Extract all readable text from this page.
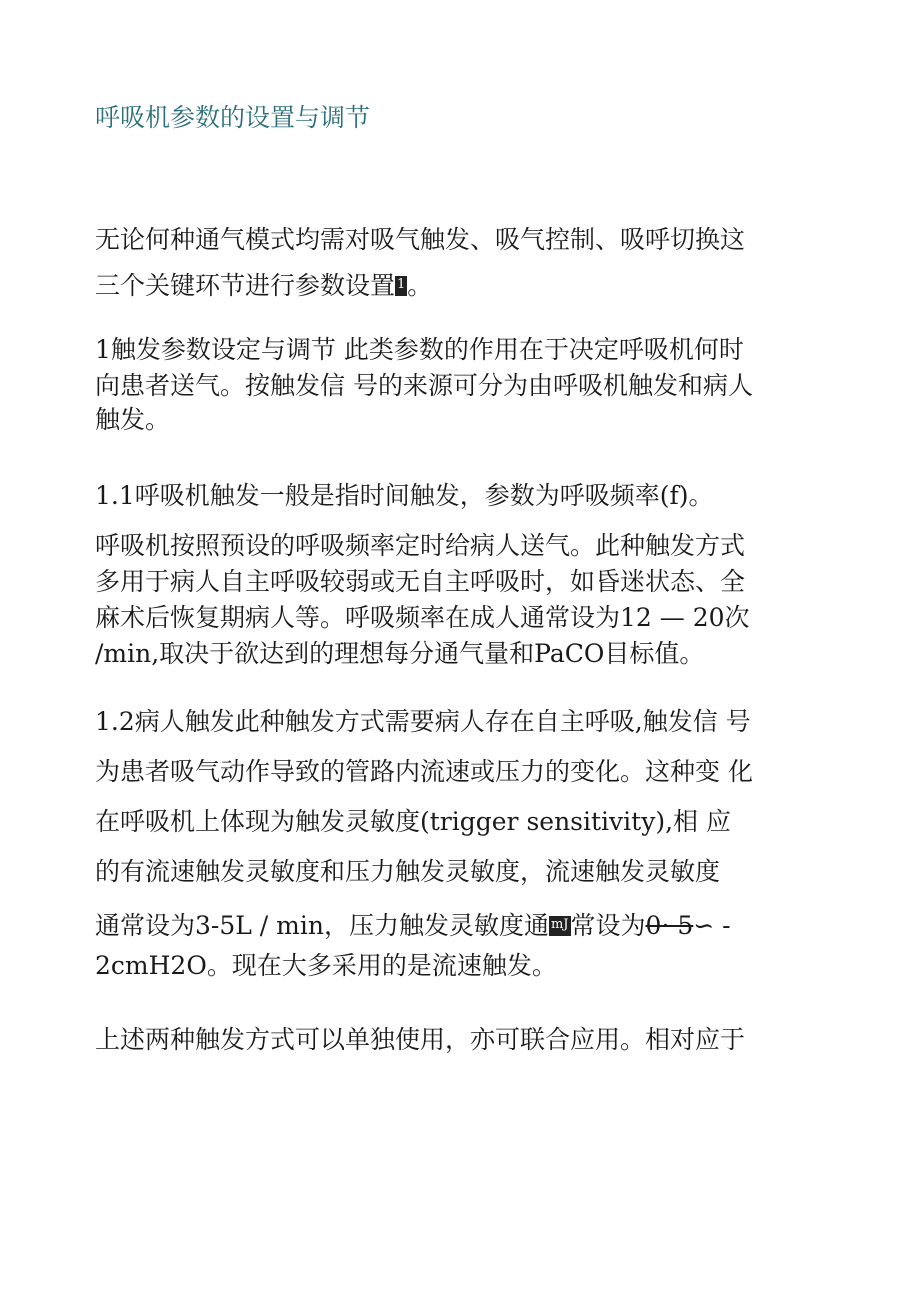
呼吸机参数的设置与调节

无论何种通气模式均需对吸气触发、吸气控制、吸呼切换这

三个关键环节进行参数设置 1。

1触发参数设定与调节 此类参数的作用在于决定呼吸机何时

向患者送气。按触发信 号的来源可分为由呼吸机触发和病人

触发。

1.1呼吸机触发一般是指时间触发，参数为呼吸频率(f)。

呼吸机按照预设的呼吸频率定时给病人送气。此种触发方式

多用于病人自主呼吸较弱或无自主呼吸时，如昏迷状态、全

麻术后恢复期病人等。呼吸频率在成人通常设为12 — 20次

/min,取决于欲达到的理想每分通气量和PaCO目标值。

1.2病人触发此种触发方式需要病人存在自主呼吸,触发信 号

为患者吸气动作导致的管路内流速或压力的变化。这种变 化

在呼吸机上体现为触发灵敏度(trigger sensitivity),相 应

的有流速触发灵敏度和压力触发灵敏度，流速触发灵敏度

通常设为3-5L / min，压力触发灵敏度通 mJ常设为0· 5∽ -

2cmH2O。现在大多采用的是流速触发。

上述两种触发方式可以单独使用，亦可联合应用。相对应于
